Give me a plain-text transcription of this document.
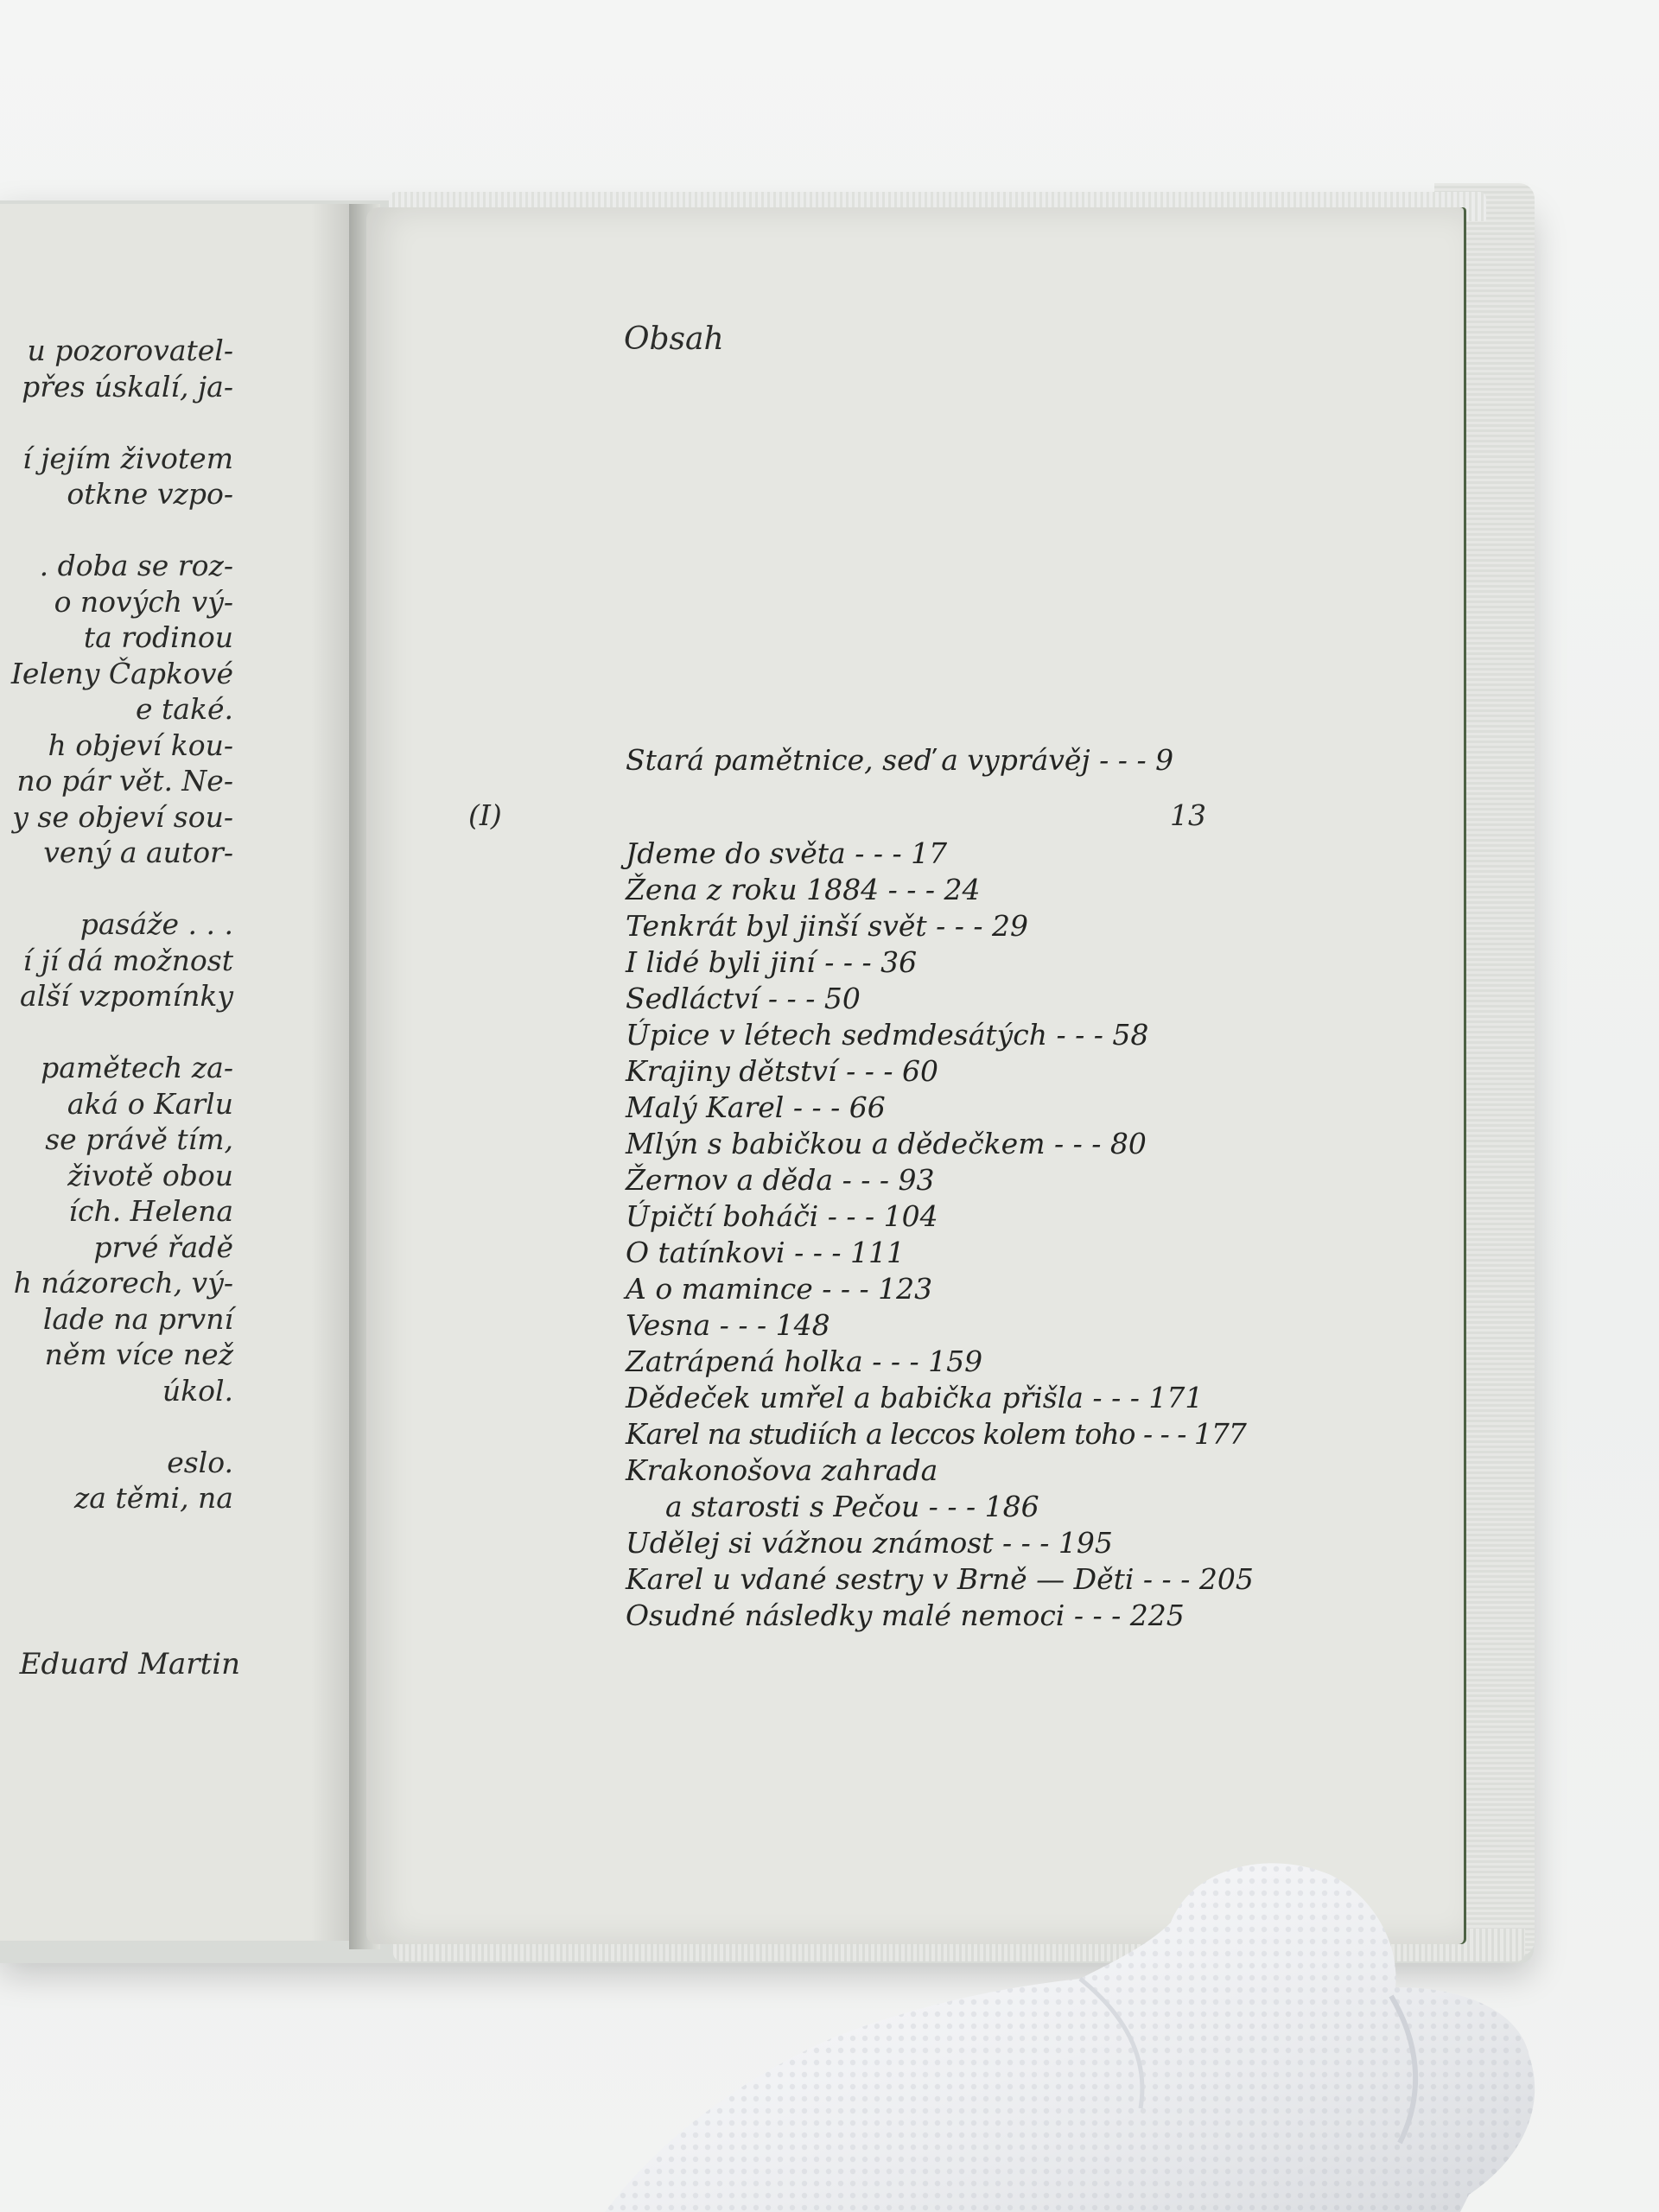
u pozorovatel-
přes úskalí, ja-
í jejím životem
otkne vzpo-
. doba se roz-
o nových vý-
ta rodinou
Ieleny Čapkové
e také.
h objeví kou-
no pár vět. Ne-
y se objeví sou-
vený a autor-
pasáže . . .
í jí dá možnost
alší vzpomínky
pamětech za-
aká o Karlu
se právě tím,
životě obou
ích. Helena
prvé řadě
h názorech, vý-
lade na první
něm více než
úkol.
eslo.
za těmi, na
Eduard Martin
Obsah
Stará pamětnice, seď a vyprávěj - - - 9
(I)	13
Jdeme do světa - - - 17
Žena z roku 1884 - - - 24
Tenkrát byl jinší svět - - - 29
I lidé byli jiní - - - 36
Sedláctví - - - 50
Úpice v létech sedmdesátých - - - 58
Krajiny dětství - - - 60
Malý Karel - - - 66
Mlýn s babičkou a dědečkem - - - 80
Žernov a děda - - - 93
Úpičtí boháči - - - 104
O tatínkovi - - - 111
A o mamince - - - 123
Vesna - - - 148
Zatrápená holka - - - 159
Dědeček umřel a babička přišla - - - 171
Karel na studiích a leccos kolem toho - - - 177
Krakonošova zahrada
a starosti s Pečou - - - 186
Udělej si vážnou známost - - - 195
Karel u vdané sestry v Brně — Děti - - - 205
Osudné následky malé nemoci - - - 225
